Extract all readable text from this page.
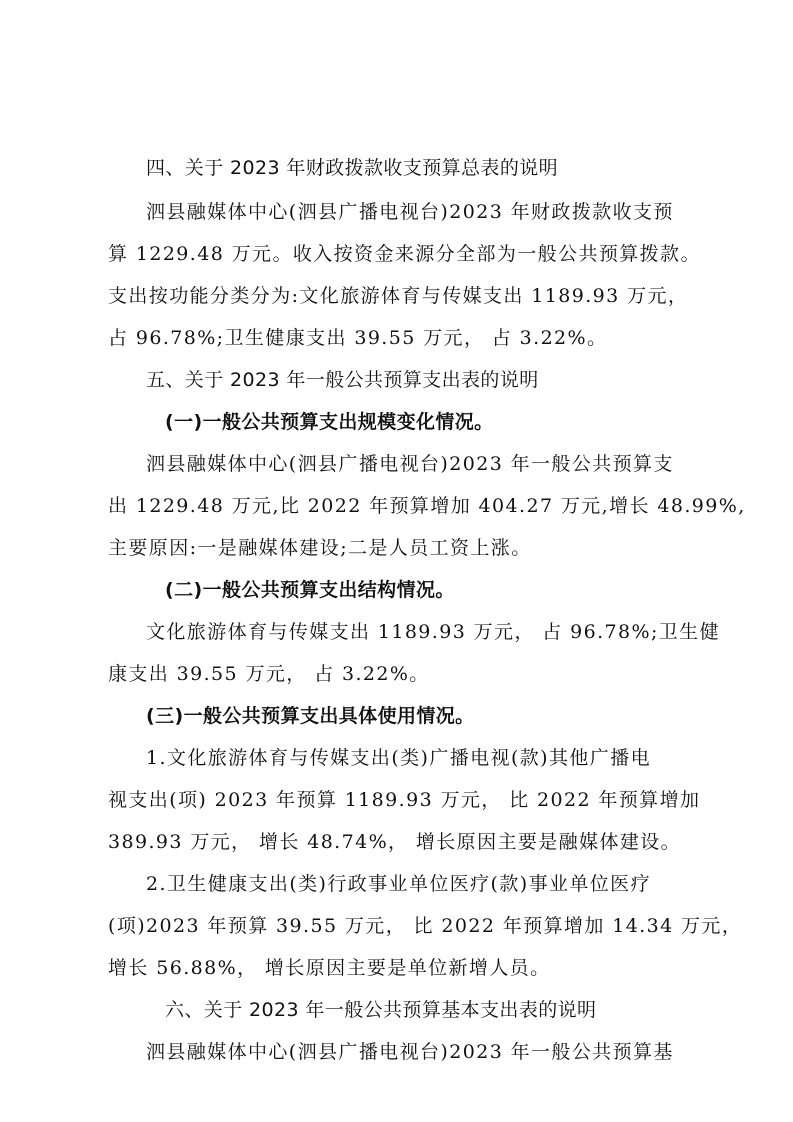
四、关于 2023 年财政拨款收支预算总表的说明
泗县融媒体中心(泗县广播电视台)2023 年财政拨款收支预
算 1229.48 万元。收入按资金来源分全部为一般公共预算拨款。
支出按功能分类分为:文化旅游体育与传媒支出 1189.93 万元，
占 96.78%;卫生健康支出 39.55 万元， 占 3.22%。
五、关于 2023 年一般公共预算支出表的说明
(一)一般公共预算支出规模变化情况。
泗县融媒体中心(泗县广播电视台)2023 年一般公共预算支
出 1229.48 万元,比 2022 年预算增加 404.27 万元,增长 48.99%,
主要原因:一是融媒体建设;二是人员工资上涨。
(二)一般公共预算支出结构情况。
文化旅游体育与传媒支出 1189.93 万元， 占 96.78%;卫生健
康支出 39.55 万元， 占 3.22%。
(三)一般公共预算支出具体使用情况。
1.文化旅游体育与传媒支出(类)广播电视(款)其他广播电
视支出(项) 2023 年预算 1189.93 万元， 比 2022 年预算增加
389.93 万元， 增长 48.74%， 增长原因主要是融媒体建设。
2.卫生健康支出(类)行政事业单位医疗(款)事业单位医疗
(项)2023 年预算 39.55 万元， 比 2022 年预算增加 14.34 万元，
增长 56.88%， 增长原因主要是单位新增人员。
六、关于 2023 年一般公共预算基本支出表的说明
泗县融媒体中心(泗县广播电视台)2023 年一般公共预算基
